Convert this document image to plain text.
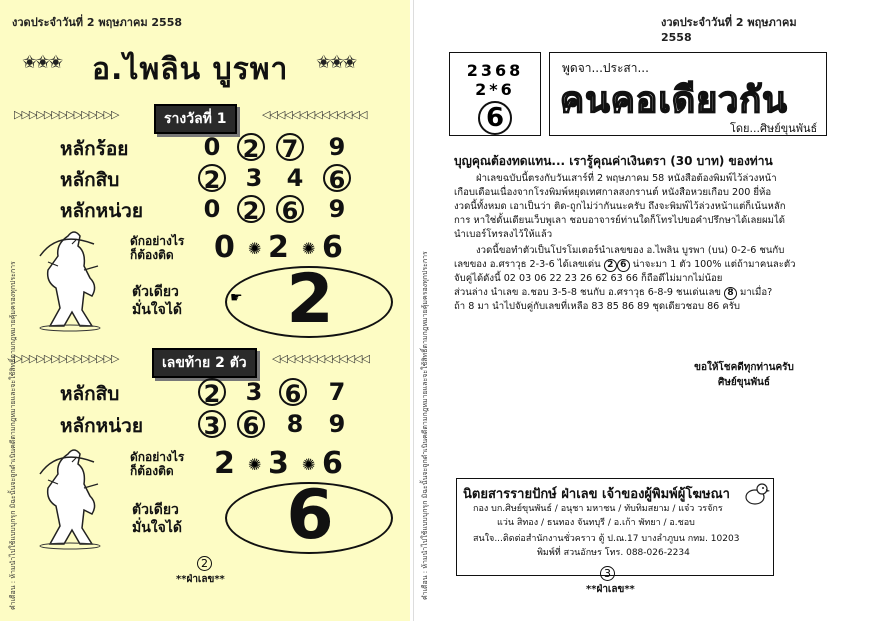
งวดประจำวันที่ 2 พฤษภาคม 2558
✬✬✬ อ.ไพลิน บูรพา ✬✬✬
▷▷▷▷▷▷▷▷▷▷▷▷▷▷	รางวัลที่ 1	◁◁◁◁◁◁◁◁◁◁◁◁◁◁
หลักร้อย	0 2 7 9
หลักสิบ	2 3 4 6
หลักหน่วย	0 2 6 9
ดักอย่างไร
ก็ต้องติด 0 ✺ 2 ✺ 6
ตัวเดียว
มั่นใจได้
☛ 2
▷▷▷▷▷▷▷▷▷▷▷▷▷▷	เลขท้าย 2 ตัว	◁◁◁◁◁◁◁◁◁◁◁◁◁
หลักสิบ	2 3 6 7
หลักหน่วย	3 6 8 9
ดักอย่างไร
ก็ต้องติด 2 ✺ 3 ✺ 6
ตัวเดียว
มั่นใจได้	6
2
**ฝ่าเลข**
คำเตือน : ห้ามนำไปใช้แบบบุกรุก มิฉะนั้นจะถูกดำเนินคดีตามกฎหมายและจะใช้สิทธิ์ตามกฎหมายคุ้มครองทุกประการ
งวดประจำวันที่ 2 พฤษภาคม 2558
2368
2*6
6
พูดจา...ประสา...
คนคอเดียวกัน
โดย...ศิษย์ขุนพันธ์
บุญคุณต้องทดแทน... เรารู้คุณค่าเงินตรา (30 บาท) ของท่าน
ฝ่าเลขฉบับนี้ตรงกับวันเสาร์ที่ 2 พฤษภาคม 58 หนังสือต้องพิมพ์ไว้ล่วงหน้า
เกือบเดือนเนื่องจากโรงพิมพ์หยุดเทศกาลสงกรานต์ หนังสือหวยเกือบ 200 ยี่ห้อ
งวดนี้ทั้งหมด เอาเป็นว่า ติด-ถูกไม่ว่ากันนะครับ ถึงจะพิมพ์ไว้ล่วงหน้าแต่ก็เน้นหลัก
การ หาใช่ดั้นเดียนเว็บพูเลา ชอบอาจารย์ท่านใดก็โทรไปขอคำปรึกษาได้เลยผมได้
นำเบอร์โทรลงไว้ให้แล้ว
งวดนี้ขอทำตัวเป็นโปรโมเตอร์นำเลขของ อ.ไพลิน บูรพา (บน) 0-2-6 ชนกับ
เลขของ อ.ศราวุธ 2-3-6 ได้เลขเด่น 2 6 น่าจะมา 1 ตัว 100% แต่ถ้ามาคนละตัว
จับคู่ได้ดังนี้ 02 03 06 22 23 26 62 63 66 ก็ถือดีไม่มากไม่น้อย
ส่วนล่าง นำเลข อ.ชอบ 3-5-8 ชนกับ อ.ศราวุธ 6-8-9 ชนเด่นเลข 8 มาเมื่อ?
ถ้า 8 มา นำไปจับคู่กับเลขที่เหลือ 83 85 86 89 ชุดเดียวชอบ 86 ครับ
ขอให้โชคดีทุกท่านครับ
ศิษย์ขุนพันธ์
นิตยสารรายปักษ์ ฝ่าเลข เจ้าของผู้พิมพ์ผู้โฆษณา
กอง บก.ศิษย์ขุนพันธ์ / อนุชา มหาชน / ทับทิมสยาม / แจ๋ว วรจักร
แว่น สิทอง / ธนทอง จันทบุรี / อ.เก้า พัทยา / อ.ชอบ
สนใจ...ติดต่อสำนักงานชั่วคราว ตู้ ป.ณ.17 บางลำภูบน กทม. 10203
พิมพ์ที่ สวนอักษร โทร. 088-026-2234
3
**ฝ่าเลข**
คำเตือน : ห้ามนำไปใช้แบบบุกรุก มิฉะนั้นจะถูกดำเนินคดีตามกฎหมายและจะใช้สิทธิ์ตามกฎหมายคุ้มครองทุกประการ
